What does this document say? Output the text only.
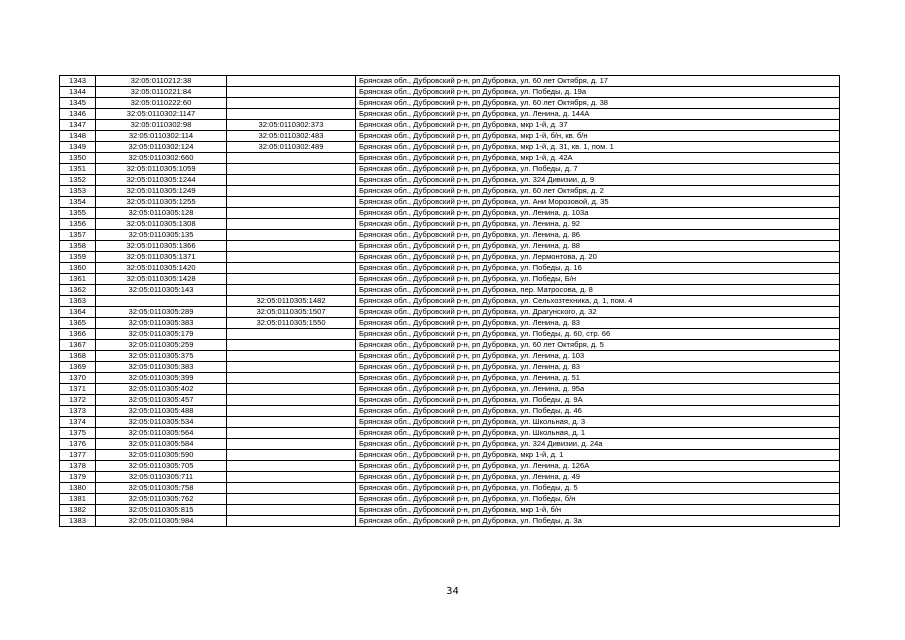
1343	32:05:0110212:38		Брянская обл., Дубровский р-н, рп Дубровка, ул. 60 лет Октября, д. 17
1344	32:05:0110221:84		Брянская обл., Дубровский р-н, рп Дубровка, ул. Победы, д. 19а
1345	32:05:0110222:60		Брянская обл., Дубровский р-н, рп Дубровка, ул. 60 лет Октября, д. 38
1346	32:05:0110302:1147		Брянская обл., Дубровский р-н, рп Дубровка, ул. Ленина, д. 144А
1347	32:05:0110302:98	32:05:0110302:373	Брянская обл., Дубровский р-н, рп Дубровка, мкр 1-й, д. 37
1348	32:05:0110302:114	32:05:0110302:483	Брянская обл., Дубровский р-н, рп Дубровка, мкр 1-й, б/н, кв. б/н
1349	32:05:0110302:124	32:05:0110302:489	Брянская обл., Дубровский р-н, рп Дубровка, мкр 1-й, д. 31, кв. 1, пом. 1
1350	32:05:0110302:660		Брянская обл., Дубровский р-н, рп Дубровка, мкр 1-й, д. 42А
1351	32:05:0110305:1059		Брянская обл., Дубровский р-н, рп Дубровка, ул. Победы, д. 7
1352	32:05:0110305:1244		Брянская обл., Дубровский р-н, рп Дубровка, ул. 324 Дивизии, д. 9
1353	32:05:0110305:1249		Брянская обл., Дубровский р-н, рп Дубровка, ул. 60 лет Октября, д. 2
1354	32:05:0110305:1255		Брянская обл., Дубровский р-н, рп Дубровка, ул. Ани Морозовой, д. 35
1355	32:05:0110305:128		Брянская обл., Дубровский р-н, рп Дубровка, ул. Ленина, д. 103а
1356	32:05:0110305:1308		Брянская обл., Дубровский р-н, рп Дубровка, ул. Ленина, д. 92
1357	32:05:0110305:135		Брянская обл., Дубровский р-н, рп Дубровка, ул. Ленина, д. 86
1358	32:05:0110305:1366		Брянская обл., Дубровский р-н, рп Дубровка, ул. Ленина, д. 88
1359	32:05:0110305:1371		Брянская обл., Дубровский р-н, рп Дубровка, ул. Лермонтова, д. 20
1360	32:05:0110305:1420		Брянская обл., Дубровский р-н, рп Дубровка, ул. Победы, д. 16
1361	32:05:0110305:1428		Брянская обл., Дубровский р-н, рп Дубровка, ул. Победы, Б/н
1362	32:05:0110305:143		Брянская обл., Дубровский р-н, рп Дубровка, пер. Матросова, д. 8
1363		32:05:0110305:1482	Брянская обл., Дубровский р-н, рп Дубровка, ул. Сельхозтехника, д. 1, пом. 4
1364	32:05:0110305:289	32:05:0110305:1507	Брянская обл., Дубровский р-н, рп Дубровка, ул. Драгунского, д. 32
1365	32:05:0110305:383	32:05:0110305:1550	Брянская обл., Дубровский р-н, рп Дубровка, ул. Ленина, д. 83
1366	32:05:0110305:179		Брянская обл., Дубровский р-н, рп Дубровка, ул. Победы, д. 60, стр. 66
1367	32:05:0110305:259		Брянская обл., Дубровский р-н, рп Дубровка, ул. 60 лет Октября, д. 5
1368	32:05:0110305:375		Брянская обл., Дубровский р-н, рп Дубровка, ул. Ленина, д. 103
1369	32:05:0110305:383		Брянская обл., Дубровский р-н, рп Дубровка, ул. Ленина, д. 83
1370	32:05:0110305:399		Брянская обл., Дубровский р-н, рп Дубровка, ул. Ленина, д. 51
1371	32:05:0110305:402		Брянская обл., Дубровский р-н, рп Дубровка, ул. Ленина, д. 95а
1372	32:05:0110305:457		Брянская обл., Дубровский р-н, рп Дубровка, ул. Победы, д. 9А
1373	32:05:0110305:488		Брянская обл., Дубровский р-н, рп Дубровка, ул. Победы, д. 46
1374	32:05:0110305:534		Брянская обл., Дубровский р-н, рп Дубровка, ул. Школьная, д. 3
1375	32:05:0110305:564		Брянская обл., Дубровский р-н, рп Дубровка, ул. Школьная, д. 1
1376	32:05:0110305:584		Брянская обл., Дубровский р-н, рп Дубровка, ул. 324 Дивизии, д. 24а
1377	32:05:0110305:590		Брянская обл., Дубровский р-н, рп Дубровка, мкр 1-й, д. 1
1378	32:05:0110305:705		Брянская обл., Дубровский р-н, рп Дубровка, ул. Ленина, д. 126А
1379	32:05:0110305:711		Брянская обл., Дубровский р-н, рп Дубровка, ул. Ленина, д. 49
1380	32:05:0110305:758		Брянская обл., Дубровский р-н, рп Дубровка, ул. Победы, д. 5
1381	32:05:0110305:762		Брянская обл., Дубровский р-н, рп Дубровка, ул. Победы, б/н
1382	32:05:0110305:815		Брянская обл., Дубровский р-н, рп Дубровка, мкр 1-й, б/н
1383	32:05:0110305:984		Брянская обл., Дубровский р-н, рп Дубровка, ул. Победы, д. 3а
34
